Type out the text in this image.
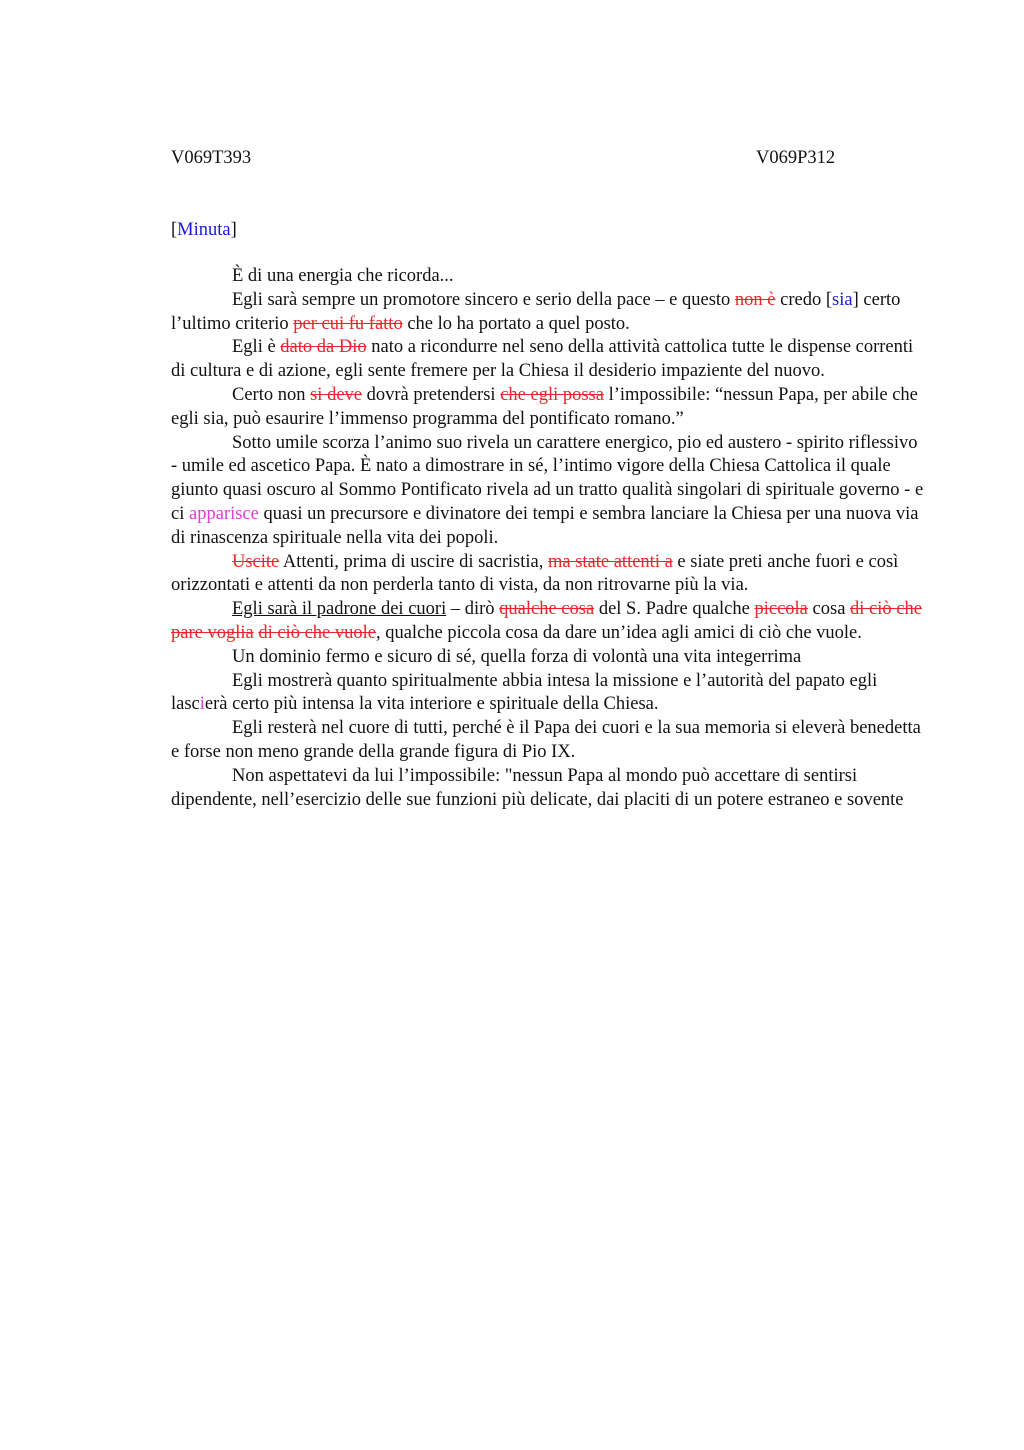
V069T393	V069P312
[Minuta]

È di una energia che ricorda...

Egli sarà sempre un promotore sincero e serio della pace – e questo non è credo [sia] certo l’ultimo criterio per cui fu fatto che lo ha portato a quel posto.

Egli è dato da Dio nato a ricondurre nel seno della attività cattolica tutte le dispense correnti di cultura e di azione, egli sente fremere per la Chiesa il desiderio impaziente del nuovo.

Certo non si deve dovrà pretendersi che egli possa l’impossibile: “nessun Papa, per abile che egli sia, può esaurire l’immenso programma del pontificato romano.”

Sotto umile scorza l’animo suo rivela un carattere energico, pio ed austero - spirito riflessivo - umile ed ascetico Papa. È nato a dimostrare in sé, l’intimo vigore della Chiesa Cattolica il quale giunto quasi oscuro al Sommo Pontificato rivela ad un tratto qualità singolari di spirituale governo - e ci apparisce quasi un precursore e divinatore dei tempi e sembra lanciare la Chiesa per una nuova via di rinascenza spirituale nella vita dei popoli.

Uscite Attenti, prima di uscire di sacristia, ma state attenti a e siate preti anche fuori e così orizzontati e attenti da non perderla tanto di vista, da non ritrovarne più la via.

Egli sarà il padrone dei cuori – dirò qualche cosa del S. Padre qualche piccola cosa di ciò che pare voglia di ciò che vuole, qualche piccola cosa da dare un’idea agli amici di ciò che vuole.

Un dominio fermo e sicuro di sé, quella forza di volontà una vita integerrima

Egli mostrerà quanto spiritualmente abbia intesa la missione e l’autorità del papato egli lascierà certo più intensa la vita interiore e spirituale della Chiesa.

Egli resterà nel cuore di tutti, perché è il Papa dei cuori e la sua memoria si eleverà benedetta e forse non meno grande della grande figura di Pio IX.

Non aspettatevi da lui l’impossibile: "nessun Papa al mondo può accettare di sentirsi dipendente, nell’esercizio delle sue funzioni più delicate, dai placiti di un potere estraneo e sovente
